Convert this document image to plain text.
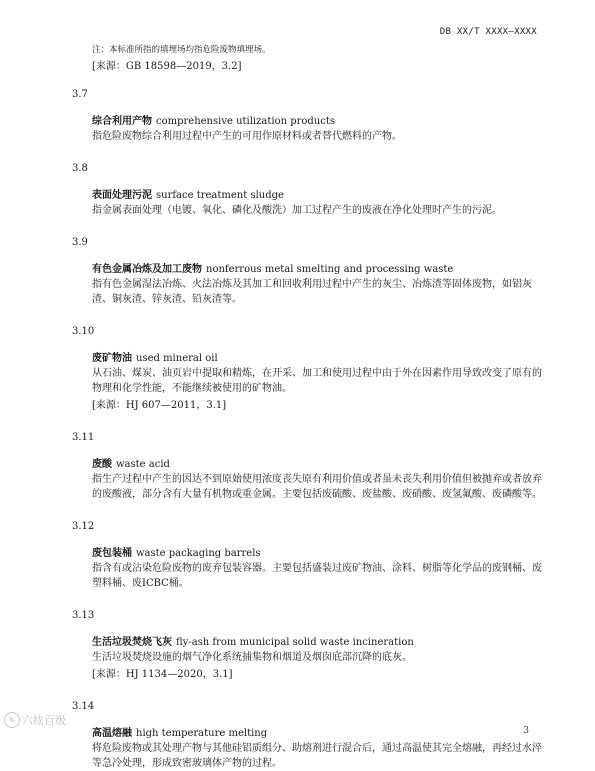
DB XX/T XXXX—XXXX

注：本标准所指的填埋场均指危险废物填埋场。

[来源：GB 18598—2019，3.2]

3.7

综合利用产物 comprehensive utilization products

指危险废物综合利用过程中产生的可用作原材料或者替代燃料的产物。

3.8

表面处理污泥 surface treatment sludge

指金属表面处理（电镀、氧化、磷化及酸洗）加工过程产生的废液在净化处理时产生的污泥。

3.9

有色金属冶炼及加工废物 nonferrous metal smelting and processing waste

指有色金属湿法冶炼、火法冶炼及其加工和回收利用过程中产生的灰尘、冶炼渣等固体废物，如铝灰渣、铜灰渣、锌灰渣、铅灰渣等。

3.10

废矿物油 used mineral oil

从石油、煤炭、油页岩中提取和精炼，在开采、加工和使用过程中由于外在因素作用导致改变了原有的物理和化学性能，不能继续被使用的矿物油。

[来源：HJ 607—2011，3.1]

3.11

废酸 waste acid

指生产过程中产生的因达不到原始使用浓度丧失原有利用价值或者虽未丧失利用价值但被抛弃或者放弃的废酸液，部分含有大量有机物或重金属。主要包括废硫酸、废盐酸、废硝酸、废氢氟酸、废磷酸等。

3.12

废包装桶 waste packaging barrels

指含有或沾染危险废物的废弃包装容器。主要包括盛装过废矿物油、涂料、树脂等化学品的废钢桶、废塑料桶、废ICBC桶。

3.13

生活垃圾焚烧飞灰 fly-ash from municipal solid waste incineration

生活垃圾焚烧设施的烟气净化系统捕集物和烟道及烟囱底部沉降的底灰。

[来源：HJ 1134—2020，3.1]

3.14

高温熔融 high temperature melting

将危险废物或其处理产物与其他硅铝质组分、助熔剂进行混合后，通过高温使其完全熔融，再经过水淬等急冷处理，形成致密玻璃体产物的过程。

✎ 六纮百级
3
